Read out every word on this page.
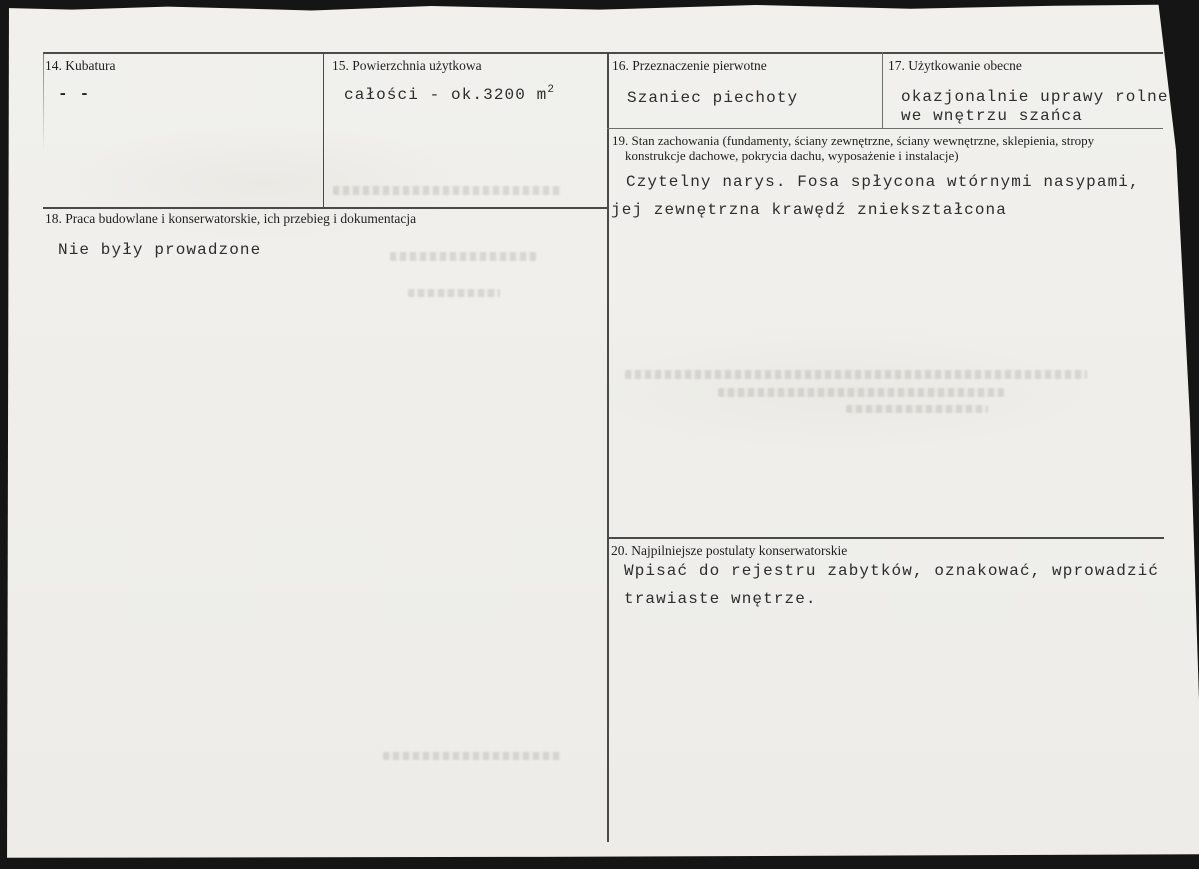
14. Kubatura
- -
15. Powierzchnia użytkowa
całości - ok.3200 $m^2$
16. Przeznaczenie pierwotne
Szaniec piechoty
17. Użytkowanie obecne
okazjonalnie uprawy rolne
we wnętrzu szańca
19. Stan zachowania (fundamenty, ściany zewnętrzne, ściany wewnętrzne, sklepienia, stropy
konstrukcje dachowe, pokrycia dachu, wyposażenie i instalacje)
Czytelny narys. Fosa spłycona wtórnymi nasypami,
jej zewnętrzna krawędź zniekształcona
18. Praca budowlane i konserwatorskie, ich przebieg i dokumentacja
Nie były prowadzone
20. Najpilniejsze postulaty konserwatorskie
Wpisać do rejestru zabytków, oznakować, wprowadzić
trawiaste wnętrze.
